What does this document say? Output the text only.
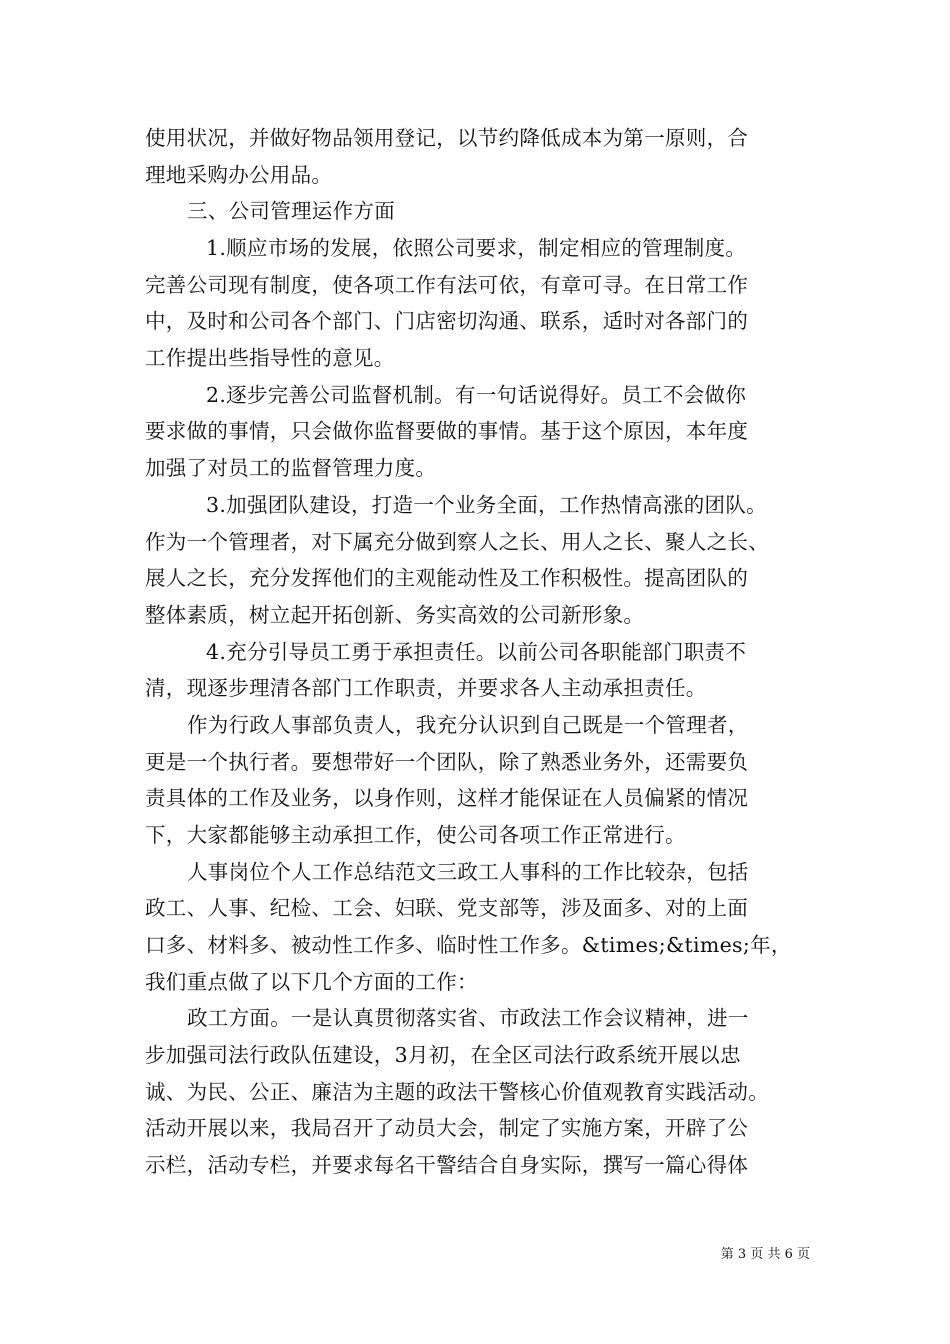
使用状况，并做好物品领用登记，以节约降低成本为第一原则，合
理地采购办公用品。
三、公司管理运作方面
1.顺应市场的发展，依照公司要求，制定相应的管理制度。
完善公司现有制度，使各项工作有法可依，有章可寻。在日常工作
中，及时和公司各个部门、门店密切沟通、联系，适时对各部门的
工作提出些指导性的意见。
2.逐步完善公司监督机制。有一句话说得好。员工不会做你
要求做的事情，只会做你监督要做的事情。基于这个原因，本年度
加强了对员工的监督管理力度。
3.加强团队建设，打造一个业务全面，工作热情高涨的团队。
作为一个管理者，对下属充分做到察人之长、用人之长、聚人之长、
展人之长，充分发挥他们的主观能动性及工作积极性。提高团队的
整体素质，树立起开拓创新、务实高效的公司新形象。
4.充分引导员工勇于承担责任。以前公司各职能部门职责不
清，现逐步理清各部门工作职责，并要求各人主动承担责任。
作为行政人事部负责人，我充分认识到自己既是一个管理者，
更是一个执行者。要想带好一个团队，除了熟悉业务外，还需要负
责具体的工作及业务，以身作则，这样才能保证在人员偏紧的情况
下，大家都能够主动承担工作，使公司各项工作正常进行。
人事岗位个人工作总结范文三政工人事科的工作比较杂，包括
政工、人事、纪检、工会、妇联、党支部等，涉及面多、对的上面
口多、材料多、被动性工作多、临时性工作多。&times;&times;年，
我们重点做了以下几个方面的工作：
政工方面。一是认真贯彻落实省、市政法工作会议精神，进一
步加强司法行政队伍建设，3月初，在全区司法行政系统开展以忠
诚、为民、公正、廉洁为主题的政法干警核心价值观教育实践活动。
活动开展以来，我局召开了动员大会，制定了实施方案，开辟了公
示栏，活动专栏，并要求每名干警结合自身实际，撰写一篇心得体
第 3 页 共 6 页
